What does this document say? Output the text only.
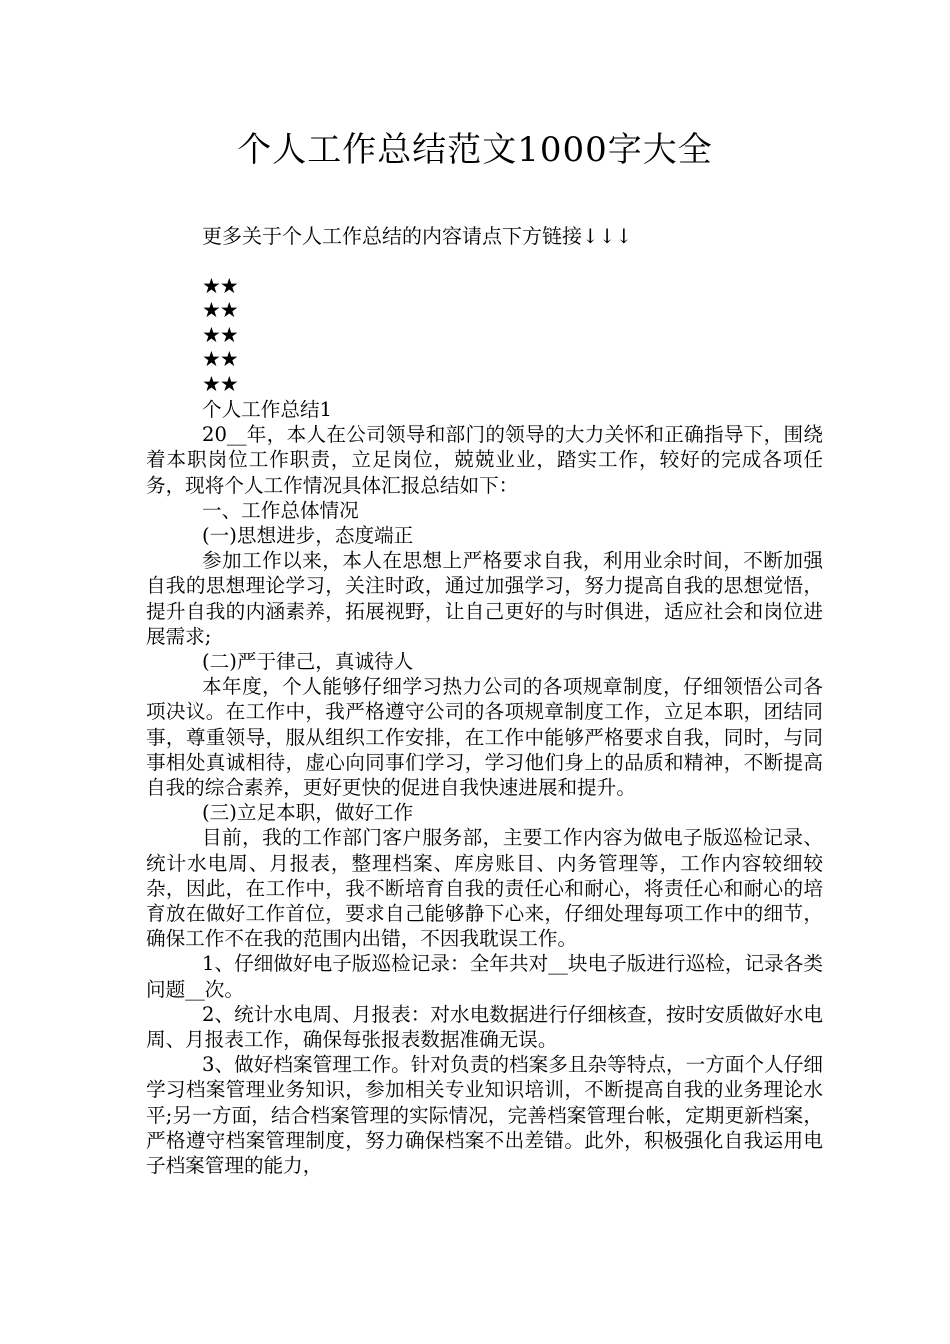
个人工作总结范文1000字大全
更多关于个人工作总结的内容请点下方链接↓↓↓
★★
★★
★★
★★
★★

个人工作总结1

20__年，本人在公司领导和部门的领导的大力关怀和正确指导下，围绕着本职岗位工作职责，立足岗位，兢兢业业，踏实工作，较好的完成各项任务，现将个人工作情况具体汇报总结如下：

一、工作总体情况

(一)思想进步，态度端正

参加工作以来，本人在思想上严格要求自我，利用业余时间，不断加强自我的思想理论学习，关注时政，通过加强学习，努力提高自我的思想觉悟，提升自我的内涵素养，拓展视野，让自己更好的与时俱进，适应社会和岗位进展需求;

(二)严于律己，真诚待人

本年度，个人能够仔细学习热力公司的各项规章制度，仔细领悟公司各项决议。在工作中，我严格遵守公司的各项规章制度工作，立足本职，团结同事，尊重领导，服从组织工作安排，在工作中能够严格要求自我，同时，与同事相处真诚相待，虚心向同事们学习，学习他们身上的品质和精神，不断提高自我的综合素养，更好更快的促进自我快速进展和提升。

(三)立足本职，做好工作

目前，我的工作部门客户服务部，主要工作内容为做电子版巡检记录、统计水电周、月报表，整理档案、库房账目、内务管理等，工作内容较细较杂，因此，在工作中，我不断培育自我的责任心和耐心，将责任心和耐心的培育放在做好工作首位，要求自己能够静下心来，仔细处理每项工作中的细节，确保工作不在我的范围内出错，不因我耽误工作。

1、仔细做好电子版巡检记录：全年共对__块电子版进行巡检，记录各类问题__次。

2、统计水电周、月报表：对水电数据进行仔细核查，按时安质做好水电周、月报表工作，确保每张报表数据准确无误。

3、做好档案管理工作。针对负责的档案多且杂等特点，一方面个人仔细学习档案管理业务知识，参加相关专业知识培训，不断提高自我的业务理论水平;另一方面，结合档案管理的实际情况，完善档案管理台帐，定期更新档案，严格遵守档案管理制度，努力确保档案不出差错。此外，积极强化自我运用电子档案管理的能力，
